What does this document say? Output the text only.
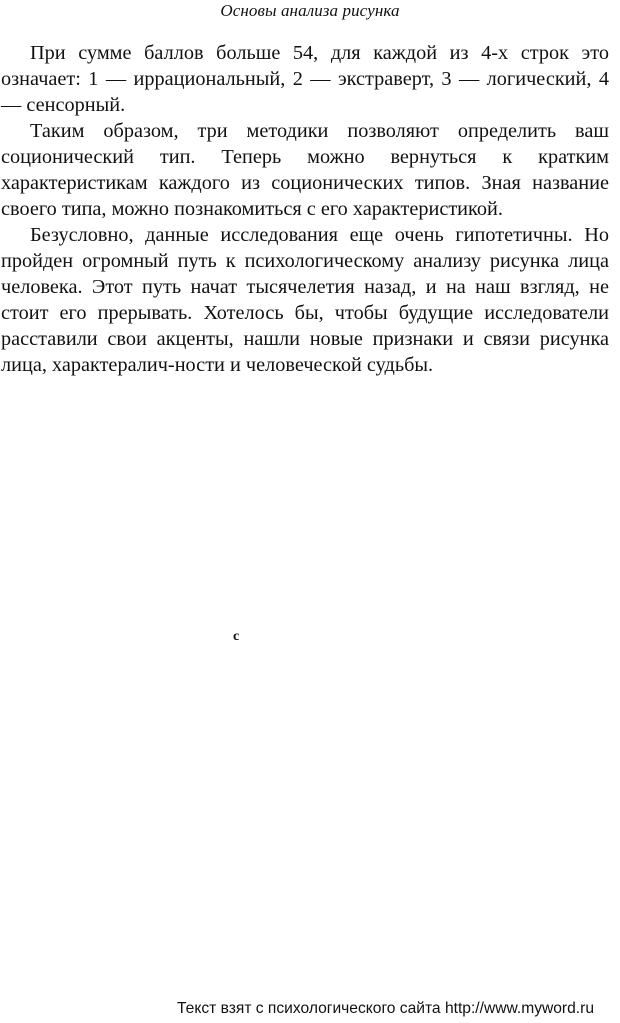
Основы анализа рисунка

При сумме баллов больше 54, для каждой из 4-х строк это означает: 1 — иррациональный, 2 — экстраверт, 3 — логический, 4 — сенсорный.

Таким образом, три методики позволяют определить ваш соционический тип. Теперь можно вернуться к кратким характеристикам каждого из соционических типов. Зная название своего типа, можно познакомиться с его характеристикой.

Безусловно, данные исследования еще очень гипотетичны. Но пройден огромный путь к психологическому анализу рисунка лица человека. Этот путь начат тысячелетия назад, и на наш взгляд, не стоит его прерывать. Хотелось бы, чтобы будущие исследователи расставили свои акценты, нашли новые признаки и связи рисунка лица, характералич-ности и человеческой судьбы.

с
Текст взят с психологического сайта http://www.myword.ru
